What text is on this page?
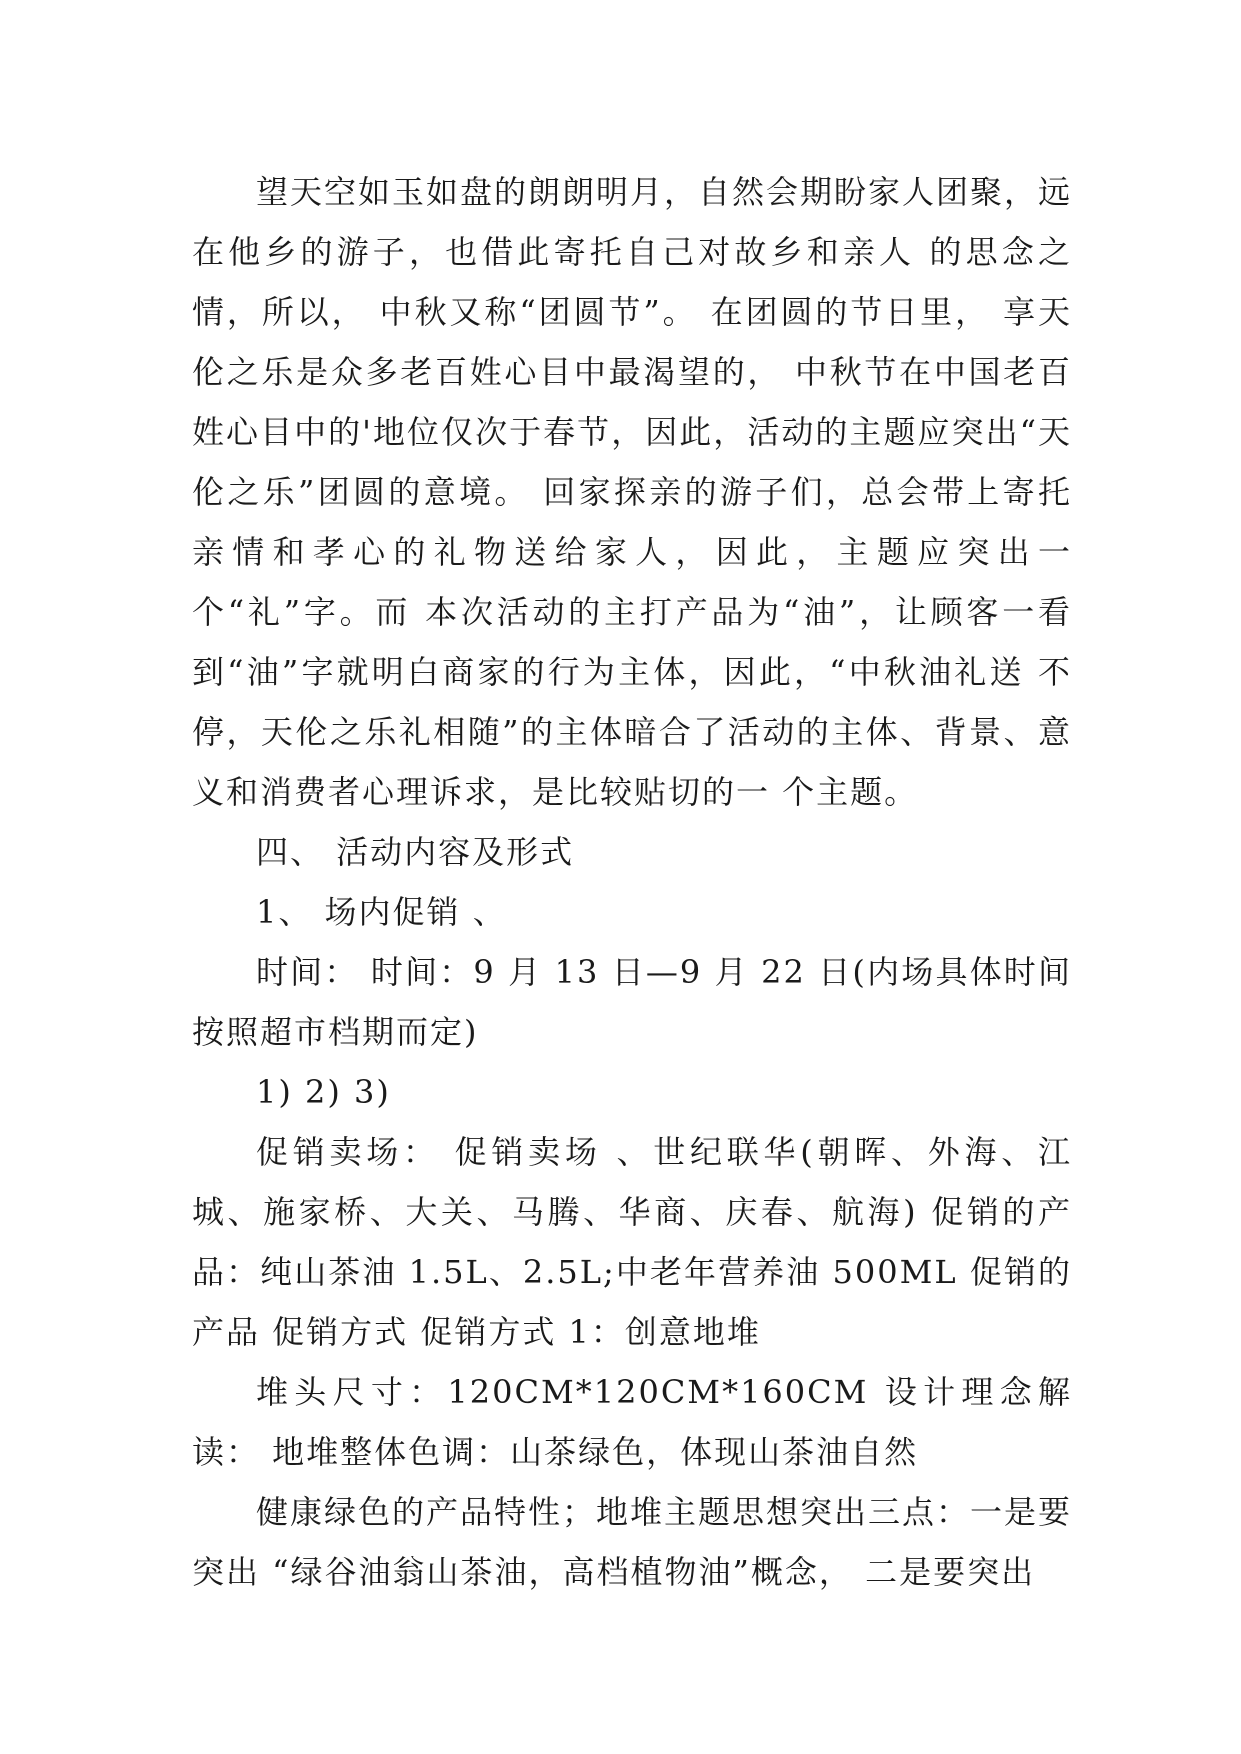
望天空如玉如盘的朗朗明月，自然会期盼家人团聚，远在他乡的游子，也借此寄托自己对故乡和亲人 的思念之情，所以， 中秋又称“团圆节”。 在团圆的节日里， 享天伦之乐是众多老百姓心目中最渴望的， 中秋节在中国老百姓心目中的'地位仅次于春节，因此，活动的主题应突出“天伦之乐”团圆的意境。 回家探亲的游子们，总会带上寄托亲情和孝心的礼物送给家人，因此，主题应突出一个“礼”字。而 本次活动的主打产品为“油”，让顾客一看到“油”字就明白商家的行为主体，因此，“中秋油礼送 不停，天伦之乐礼相随”的主体暗合了活动的主体、背景、意义和消费者心理诉求，是比较贴切的一 个主题。

四、 活动内容及形式

1、 场内促销 、

时间： 时间：9 月 13 日—9 月 22 日(内场具体时间按照超市档期而定)

1) 2) 3)

促销卖场： 促销卖场 、世纪联华(朝晖、外海、江城、施家桥、大关、马腾、华商、庆春、航海) 促销的产品：纯山茶油 1.5L、2.5L;中老年营养油 500ML 促销的产品 促销方式 促销方式 1：创意地堆

堆头尺寸：120CM*120CM*160CM 设计理念解读： 地堆整体色调：山茶绿色，体现山茶油自然

健康绿色的产品特性；地堆主题思想突出三点：一是要突出 “绿谷油翁山茶油，高档植物油”概念， 二是要突出
